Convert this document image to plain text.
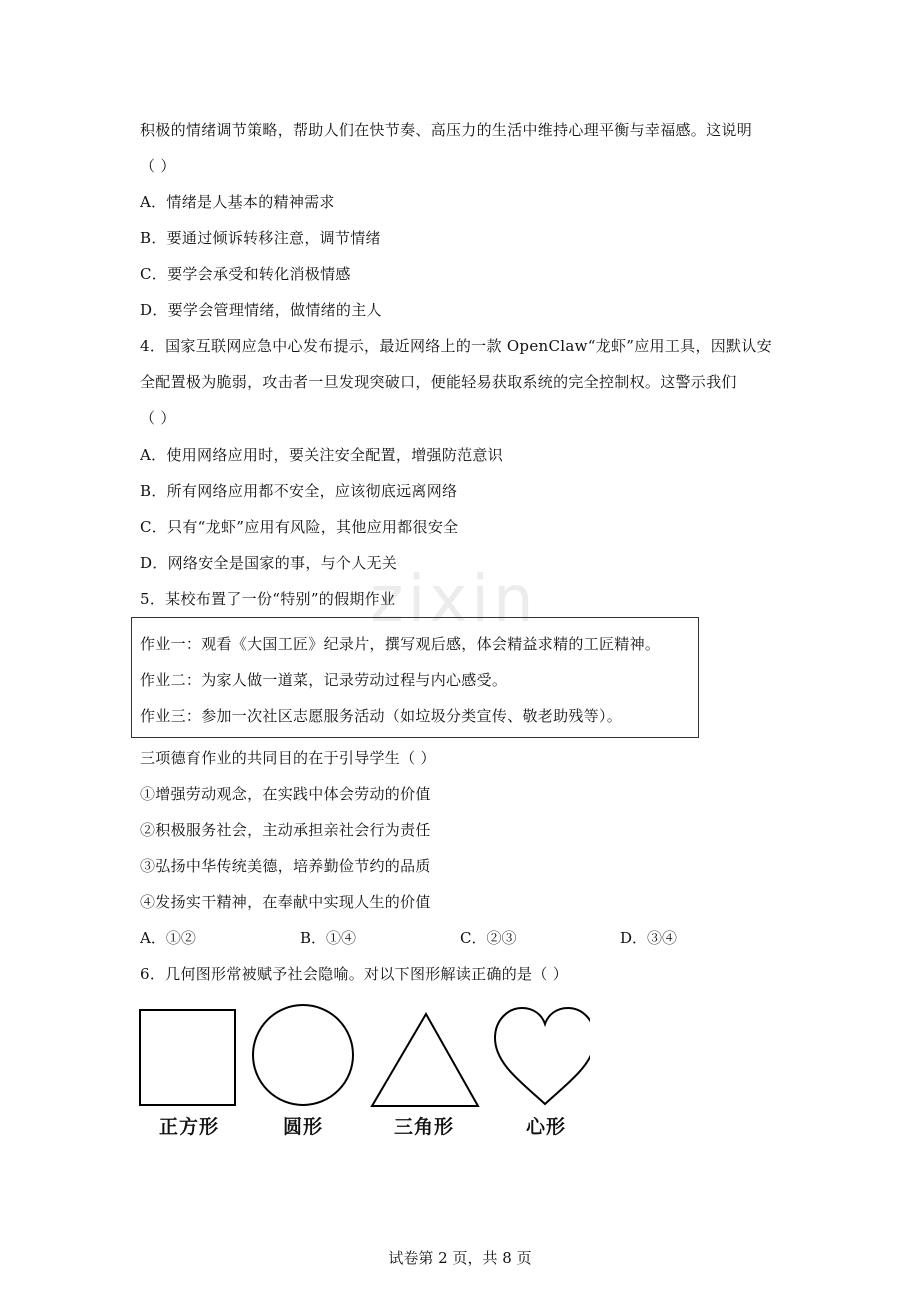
积极的情绪调节策略，帮助人们在快节奏、高压力的生活中维持心理平衡与幸福感。这说明
（ ）
A．情绪是人基本的精神需求
B．要通过倾诉转移注意，调节情绪
C．要学会承受和转化消极情感
D．要学会管理情绪，做情绪的主人
4．国家互联网应急中心发布提示，最近网络上的一款 OpenClaw“龙虾”应用工具，因默认安
全配置极为脆弱，攻击者一旦发现突破口，便能轻易获取系统的完全控制权。这警示我们
（ ）
A．使用网络应用时，要关注安全配置，增强防范意识
B．所有网络应用都不安全，应该彻底远离网络
C．只有“龙虾”应用有风险，其他应用都很安全
D．网络安全是国家的事，与个人无关
5．某校布置了一份“特别”的假期作业
zixin
作业一：观看《大国工匠》纪录片，撰写观后感，体会精益求精的工匠精神。
作业二：为家人做一道菜，记录劳动过程与内心感受。
作业三：参加一次社区志愿服务活动（如垃圾分类宣传、敬老助残等）。
三项德育作业的共同目的在于引导学生（ ）
①增强劳动观念，在实践中体会劳动的价值
②积极服务社会，主动承担亲社会行为责任
③弘扬中华传统美德，培养勤俭节约的品质
④发扬实干精神，在奉献中实现人生的价值
A．①②	B．①④	C．②③	D．③④
6．几何图形常被赋予社会隐喻。对以下图形解读正确的是（ ）
正方形	圆形	三角形	心形
试卷第 2 页，共 8 页
